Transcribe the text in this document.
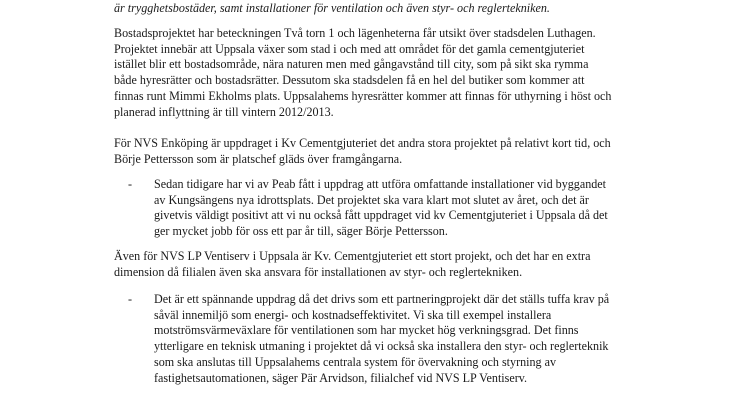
är trygghetsbostäder, samt installationer för ventilation och även styr- och reglertekniken.
Bostadsprojektet har beteckningen Två torn 1 och lägenheterna får utsikt över stadsdelen Luthagen.
Projektet innebär att Uppsala växer som stad i och med att området för det gamla cementgjuteriet
istället blir ett bostadsområde, nära naturen men med gångavstånd till city, som på sikt ska rymma
både hyresrätter och bostadsrätter. Dessutom ska stadsdelen få en hel del butiker som kommer att
finnas runt Mimmi Ekholms plats. Uppsalahems hyresrätter kommer att finnas för uthyrning i höst och
planerad inflyttning är till vintern 2012/2013.
För NVS Enköping är uppdraget i Kv Cementgjuteriet det andra stora projektet på relativt kort tid, och
Börje Pettersson som är platschef gläds över framgångarna.
- Sedan tidigare har vi av Peab fått i uppdrag att utföra omfattande installationer vid byggandet
av Kungsängens nya idrottsplats. Det projektet ska vara klart mot slutet av året, och det är
givetvis väldigt positivt att vi nu också fått uppdraget vid kv Cementgjuteriet i Uppsala då det
ger mycket jobb för oss ett par år till, säger Börje Pettersson.
Även för NVS LP Ventiserv i Uppsala är Kv. Cementgjuteriet ett stort projekt, och det har en extra
dimension då filialen även ska ansvara för installationen av styr- och reglertekniken.
- Det är ett spännande uppdrag då det drivs som ett partneringprojekt där det ställs tuffa krav på
såväl innemiljö som energi- och kostnadseffektivitet. Vi ska till exempel installera
motströmsvärmeväxlare för ventilationen som har mycket hög verkningsgrad. Det finns
ytterligare en teknisk utmaning i projektet då vi också ska installera den styr- och reglerteknik
som ska anslutas till Uppsalahems centrala system för övervakning och styrning av
fastighetsautomationen, säger Pär Arvidson, filialchef vid NVS LP Ventiserv.
